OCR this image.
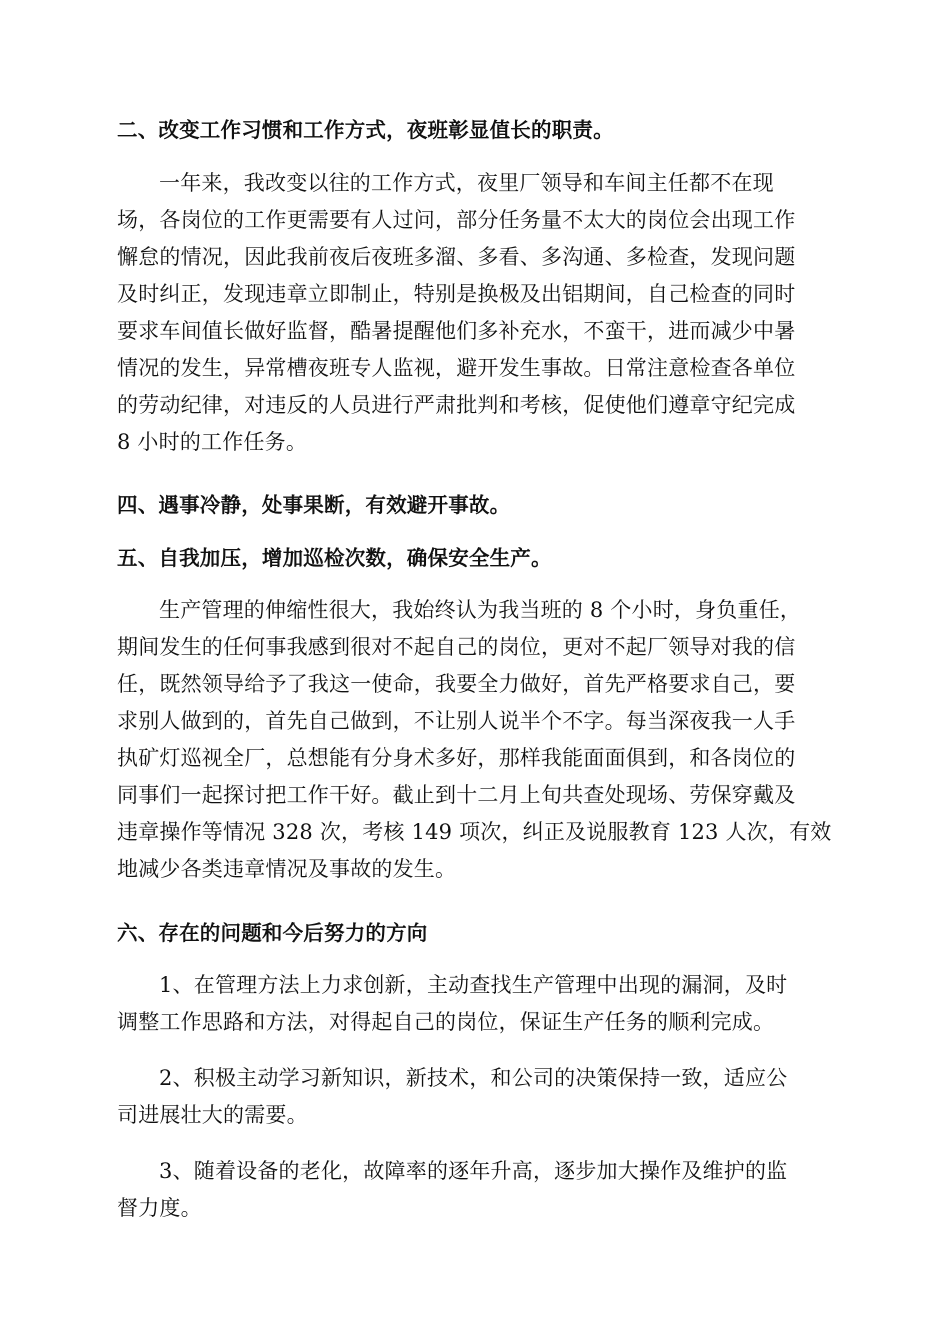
二、改变工作习惯和工作方式，夜班彰显值长的职责。

一年来，我改变以往的工作方式，夜里厂领导和车间主任都不在现
场，各岗位的工作更需要有人过问，部分任务量不太大的岗位会出现工作
懈怠的情况，因此我前夜后夜班多溜、多看、多沟通、多检查，发现问题
及时纠正，发现违章立即制止，特别是换极及出铝期间，自己检查的同时
要求车间值长做好监督，酷暑提醒他们多补充水，不蛮干，进而减少中暑
情况的发生，异常槽夜班专人监视，避开发生事故。日常注意检查各单位
的劳动纪律，对违反的人员进行严肃批判和考核，促使他们遵章守纪完成
8 小时的工作任务。

四、遇事冷静，处事果断，有效避开事故。
五、自我加压，增加巡检次数，确保安全生产。

生产管理的伸缩性很大，我始终认为我当班的 8 个小时，身负重任，
期间发生的任何事我感到很对不起自己的岗位，更对不起厂领导对我的信
任，既然领导给予了我这一使命，我要全力做好，首先严格要求自己，要
求别人做到的，首先自己做到，不让别人说半个不字。每当深夜我一人手
执矿灯巡视全厂，总想能有分身术多好，那样我能面面俱到，和各岗位的
同事们一起探讨把工作干好。截止到十二月上旬共查处现场、劳保穿戴及
违章操作等情况 328 次，考核 149 项次，纠正及说服教育 123 人次，有效
地减少各类违章情况及事故的发生。

六、存在的问题和今后努力的方向

1、在管理方法上力求创新，主动查找生产管理中出现的漏洞，及时
调整工作思路和方法，对得起自己的岗位，保证生产任务的顺利完成。

2、积极主动学习新知识，新技术，和公司的决策保持一致，适应公
司进展壮大的需要。

3、随着设备的老化，故障率的逐年升高，逐步加大操作及维护的监
督力度。
